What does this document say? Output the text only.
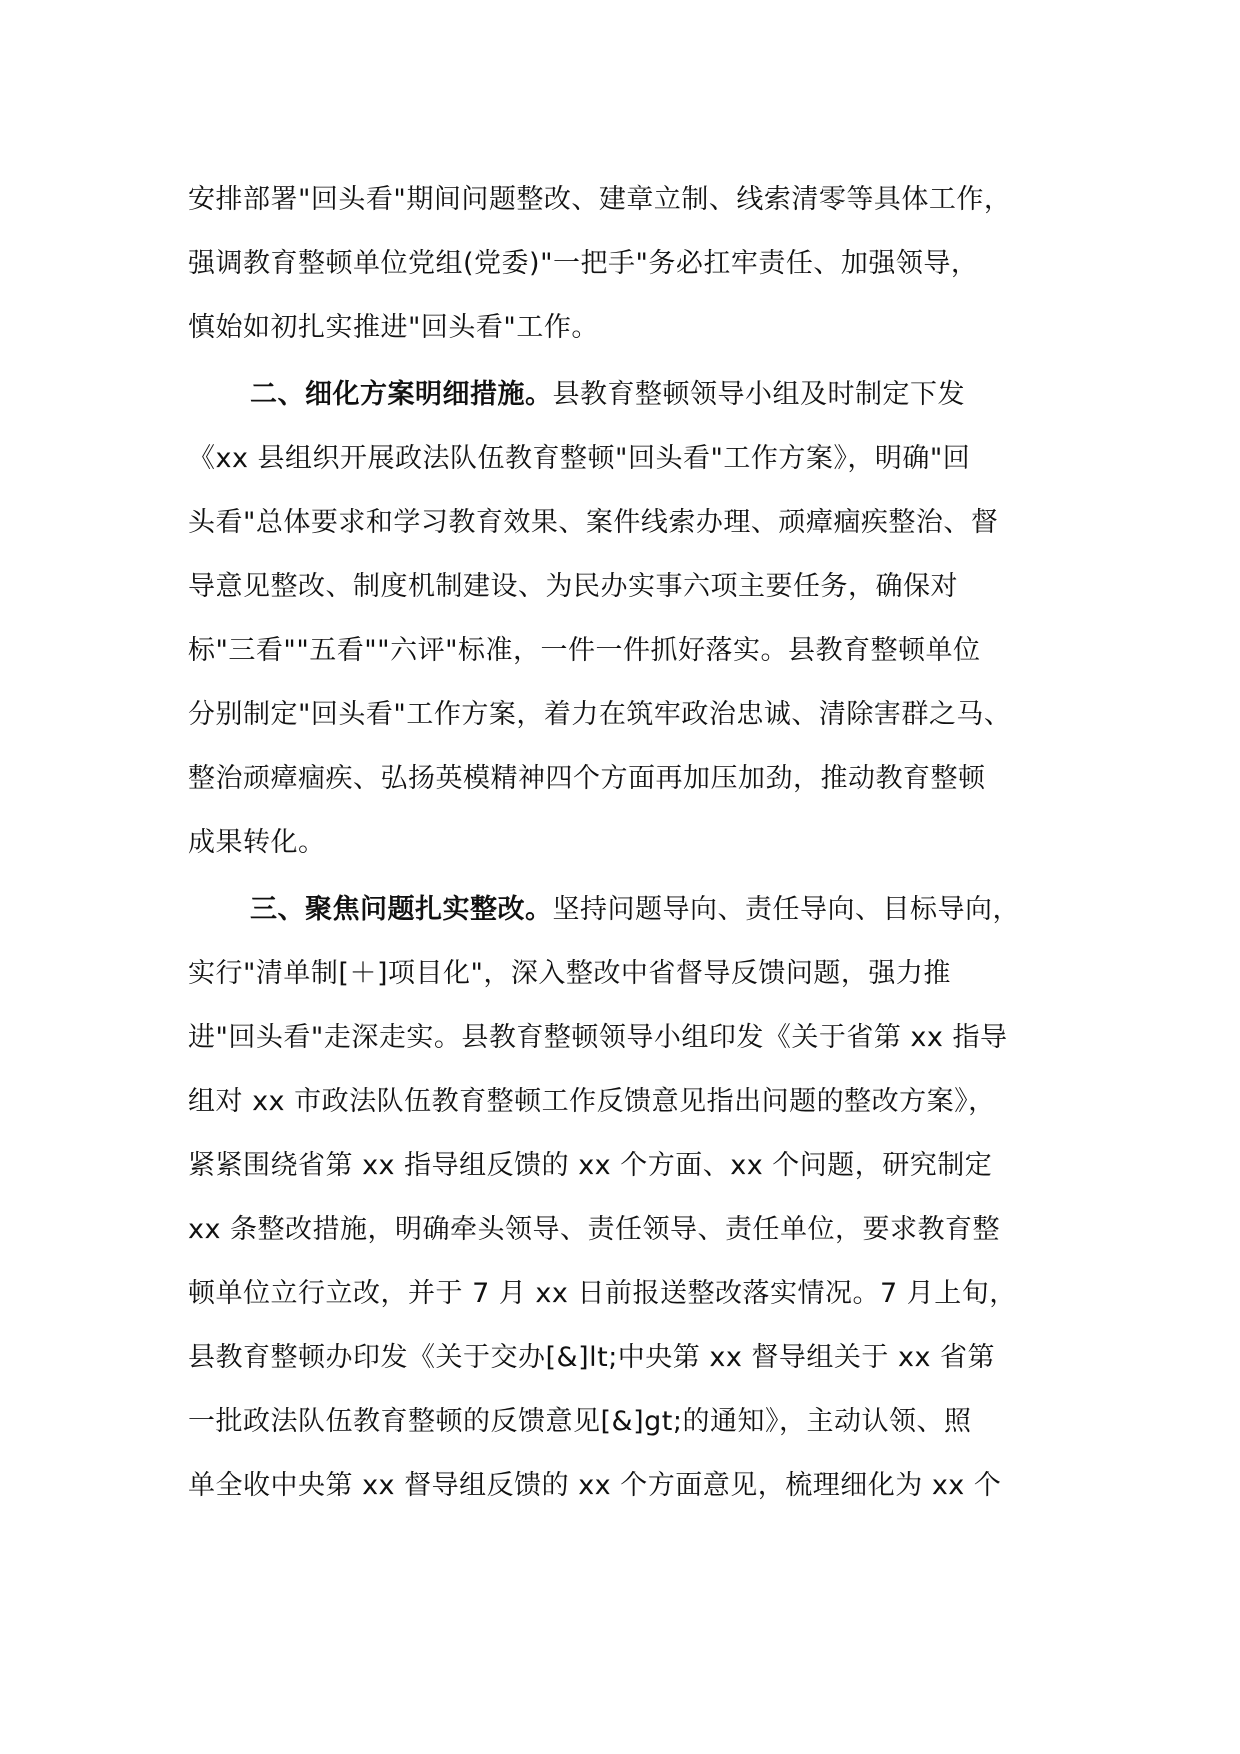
安排部署"回头看"期间问题整改、建章立制、线索清零等具体工作，
强调教育整顿单位党组(党委)"一把手"务必扛牢责任、加强领导，
慎始如初扎实推进"回头看"工作。
二、细化方案明细措施。县教育整顿领导小组及时制定下发
《xx 县组织开展政法队伍教育整顿"回头看"工作方案》，明确"回
头看"总体要求和学习教育效果、案件线索办理、顽瘴痼疾整治、督
导意见整改、制度机制建设、为民办实事六项主要任务，确保对
标"三看""五看""六评"标准，一件一件抓好落实。县教育整顿单位
分别制定"回头看"工作方案，着力在筑牢政治忠诚、清除害群之马、
整治顽瘴痼疾、弘扬英模精神四个方面再加压加劲，推动教育整顿
成果转化。
三、聚焦问题扎实整改。坚持问题导向、责任导向、目标导向，
实行"清单制[＋]项目化"，深入整改中省督导反馈问题，强力推
进"回头看"走深走实。县教育整顿领导小组印发《关于省第 xx 指导
组对 xx 市政法队伍教育整顿工作反馈意见指出问题的整改方案》，
紧紧围绕省第 xx 指导组反馈的 xx 个方面、xx 个问题，研究制定
xx 条整改措施，明确牵头领导、责任领导、责任单位，要求教育整
顿单位立行立改，并于 7 月 xx 日前报送整改落实情况。7 月上旬，
县教育整顿办印发《关于交办[&]lt;中央第 xx 督导组关于 xx 省第
一批政法队伍教育整顿的反馈意见[&]gt;的通知》，主动认领、照
单全收中央第 xx 督导组反馈的 xx 个方面意见，梳理细化为 xx 个
